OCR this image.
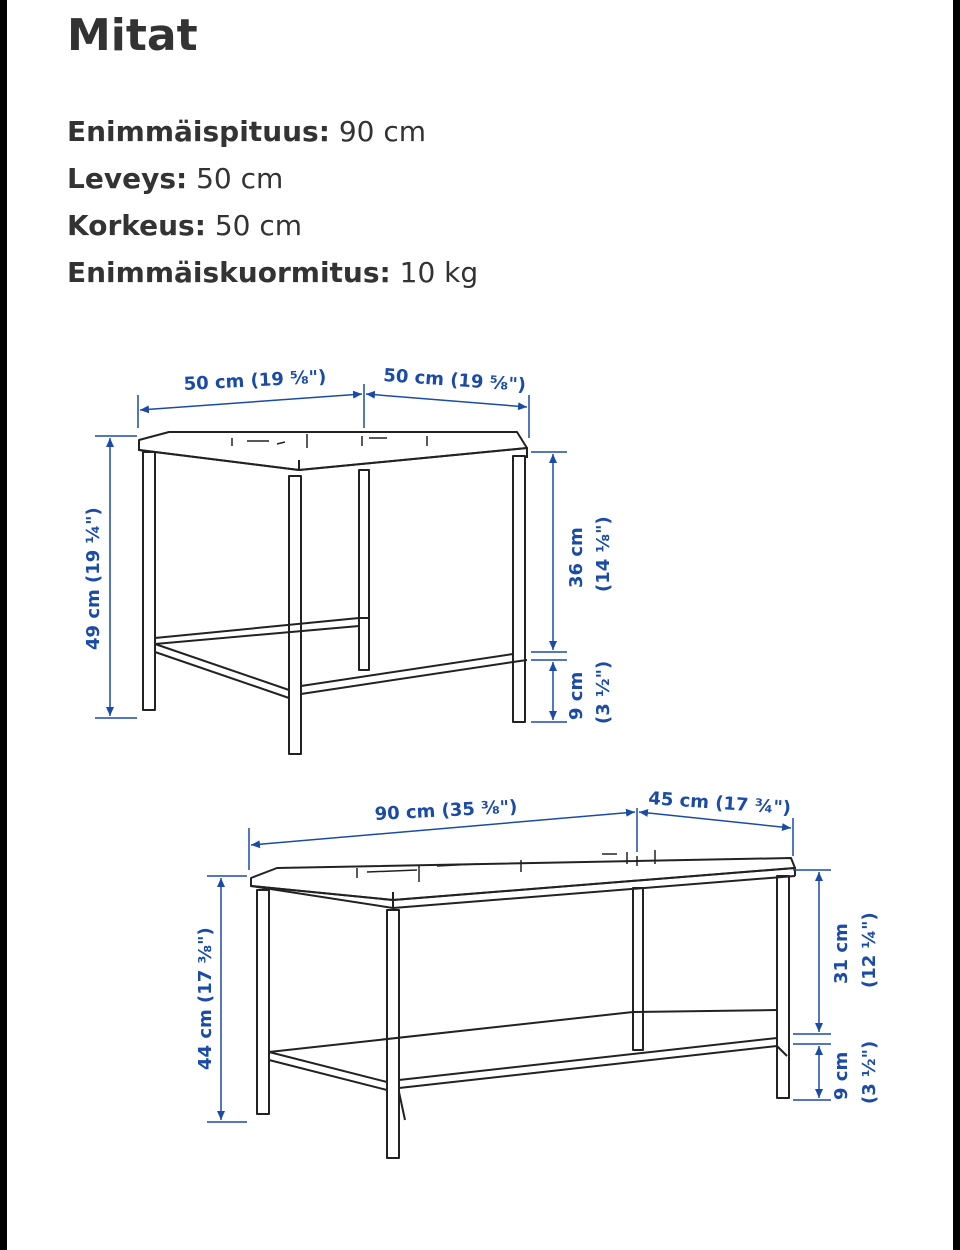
Mitat
Enimmäispituus: 90 cm
Leveys: 50 cm
Korkeus: 50 cm
Enimmäiskuormitus: 10 kg
50 cm (19 ⅝")	50 cm (19 ⅝")
49 cm (19 ¼")	36 cm (14 ⅛")
9 cm (3 ½")
90 cm (35 ⅜")	45 cm (17 ¾")
44 cm (17 ⅜")	31 cm (12 ¼")
9 cm (3 ½")
